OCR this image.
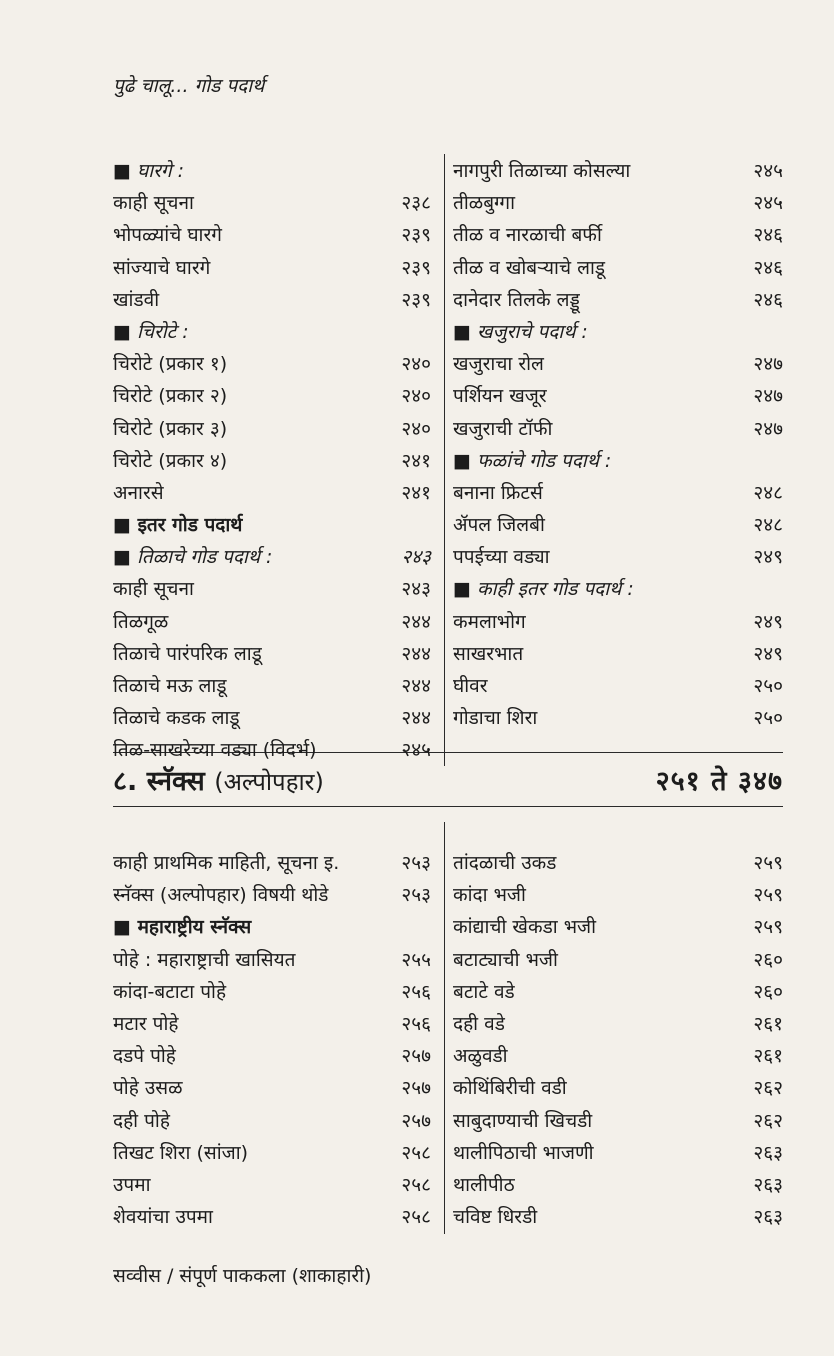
पुढे चालू... गोड पदार्थ
■ घारगे :
काही सूचना	२३८
भोपळ्यांचे घारगे	२३९
सांज्याचे घारगे	२३९
खांडवी	२३९
■ चिरोटे :
चिरोटे (प्रकार १)	२४०
चिरोटे (प्रकार २)	२४०
चिरोटे (प्रकार ३)	२४०
चिरोटे (प्रकार ४)	२४१
अनारसे	२४१
■ इतर गोड पदार्थ
■ तिळाचे गोड पदार्थ :	२४३
काही सूचना	२४३
तिळगूळ	२४४
तिळाचे पारंपरिक लाडू	२४४
तिळाचे मऊ लाडू	२४४
तिळाचे कडक लाडू	२४४
तिळ-साखरेच्या वड्या (विदर्भ)	२४५
नागपुरी तिळाच्या कोसल्या	२४५
तीळबुग्गा	२४५
तीळ व नारळाची बर्फी	२४६
तीळ व खोबऱ्याचे लाडू	२४६
दानेदार तिलके लड्डू	२४६
■ खजुराचे पदार्थ :
खजुराचा रोल	२४७
पर्शियन खजूर	२४७
खजुराची टॉफी	२४७
■ फळांचे गोड पदार्थ :
बनाना फ्रिटर्स	२४८
ॲपल जिलबी	२४८
पपईच्या वड्या	२४९
■ काही इतर गोड पदार्थ :
कमलाभोग	२४९
साखरभात	२४९
घीवर	२५०
गोडाचा शिरा	२५०
८. स्नॅक्स (अल्पोपहार)	२५१ ते ३४७
काही प्राथमिक माहिती, सूचना इ.	२५३
स्नॅक्स (अल्पोपहार) विषयी थोडे	२५३
■ महाराष्ट्रीय स्नॅक्स
पोहे : महाराष्ट्राची खासियत	२५५
कांदा-बटाटा पोहे	२५६
मटार पोहे	२५६
दडपे पोहे	२५७
पोहे उसळ	२५७
दही पोहे	२५७
तिखट शिरा (सांजा)	२५८
उपमा	२५८
शेवयांचा उपमा	२५८
तांदळाची उकड	२५९
कांदा भजी	२५९
कांद्याची खेकडा भजी	२५९
बटाट्याची भजी	२६०
बटाटे वडे	२६०
दही वडे	२६१
अळुवडी	२६१
कोथिंबिरीची वडी	२६२
साबुदाण्याची खिचडी	२६२
थालीपिठाची भाजणी	२६३
थालीपीठ	२६३
चविष्ट धिरडी	२६३
सव्वीस / संपूर्ण पाककला (शाकाहारी)
